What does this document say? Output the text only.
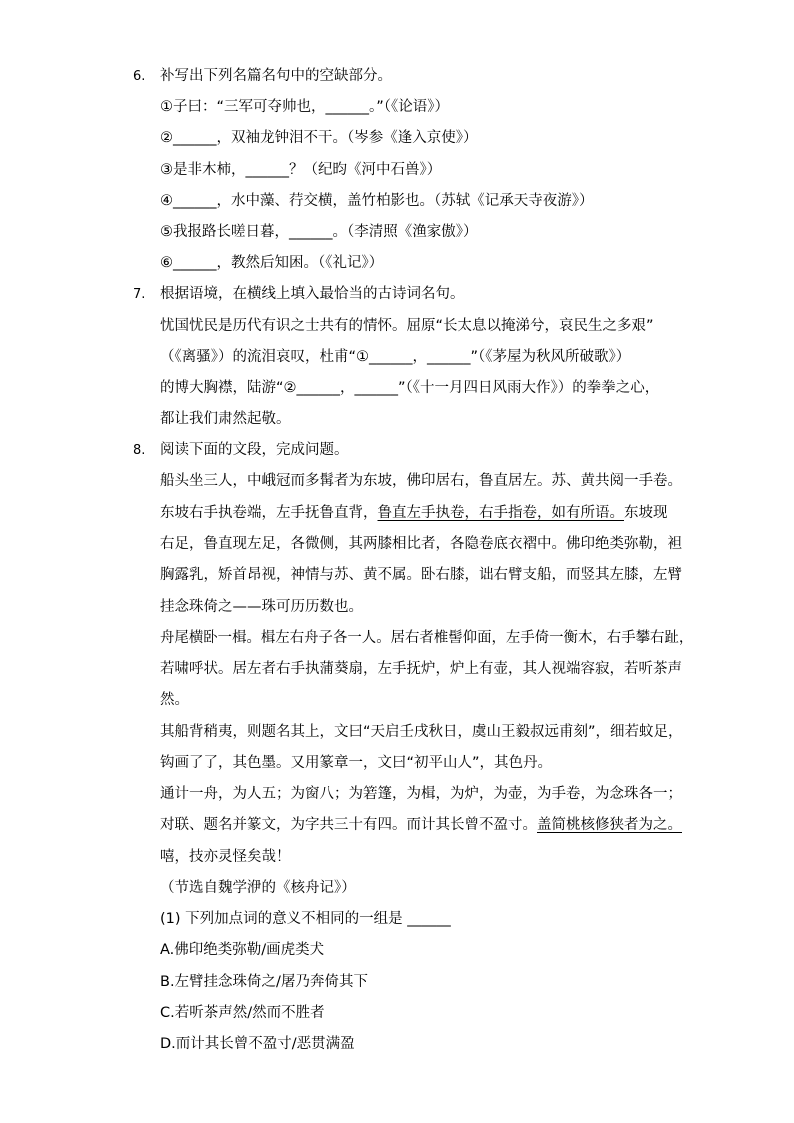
6. 补写出下列名篇名句中的空缺部分。
①子曰：“三军可夺帅也，______。”（《论语》）
②______，双袖龙钟泪不干。（岑参《逢入京使》）
③是非木柿，______？（纪昀《河中石兽》）
④______，水中藻、荇交横，盖竹柏影也。（苏轼《记承天寺夜游》）
⑤我报路长嗟日暮，______。（李清照《渔家傲》）
⑥______，教然后知困。（《礼记》）
7. 根据语境，在横线上填入最恰当的古诗词名句。
忧国忧民是历代有识之士共有的情怀。屈原“长太息以掩涕兮，哀民生之多艰”
（《离骚》）的流泪哀叹，杜甫“①______，______”（《茅屋为秋风所破歌》）
的博大胸襟，陆游“②______，______”（《十一月四日风雨大作》）的拳拳之心，
都让我们肃然起敬。
8. 阅读下面的文段，完成问题。
船头坐三人，中峨冠而多髯者为东坡，佛印居右，鲁直居左。苏、黄共阅一手卷。
东坡右手执卷端，左手抚鲁直背，鲁直左手执卷，右手指卷，如有所语。东坡现
右足，鲁直现左足，各微侧，其两膝相比者，各隐卷底衣褶中。佛印绝类弥勒，袒
胸露乳，矫首昂视，神情与苏、黄不属。卧右膝，诎右臂支船，而竖其左膝，左臂
挂念珠倚之——珠可历历数也。
舟尾横卧一楫。楫左右舟子各一人。居右者椎髻仰面，左手倚一衡木，右手攀右趾，
若啸呼状。居左者右手执蒲葵扇，左手抚炉，炉上有壶，其人视端容寂，若听茶声
然。
其船背稍夷，则题名其上，文曰“天启壬戌秋日，虞山王毅叔远甫刻”，细若蚊足，
钩画了了，其色墨。又用篆章一，文曰“初平山人”，其色丹。
通计一舟，为人五；为窗八；为箬篷，为楫，为炉，为壶，为手卷，为念珠各一；
对联、题名并篆文，为字共三十有四。而计其长曾不盈寸。盖简桃核修狭者为之。
嘻，技亦灵怪矣哉！
（节选自魏学洢的《核舟记》）
(1) 下列加点词的意义不相同的一组是 ______
A.佛印绝类弥勒/画虎类犬
B.左臂挂念珠倚之/屠乃奔倚其下
C.若听茶声然/然而不胜者
D.而计其长曾不盈寸/恶贯满盈
